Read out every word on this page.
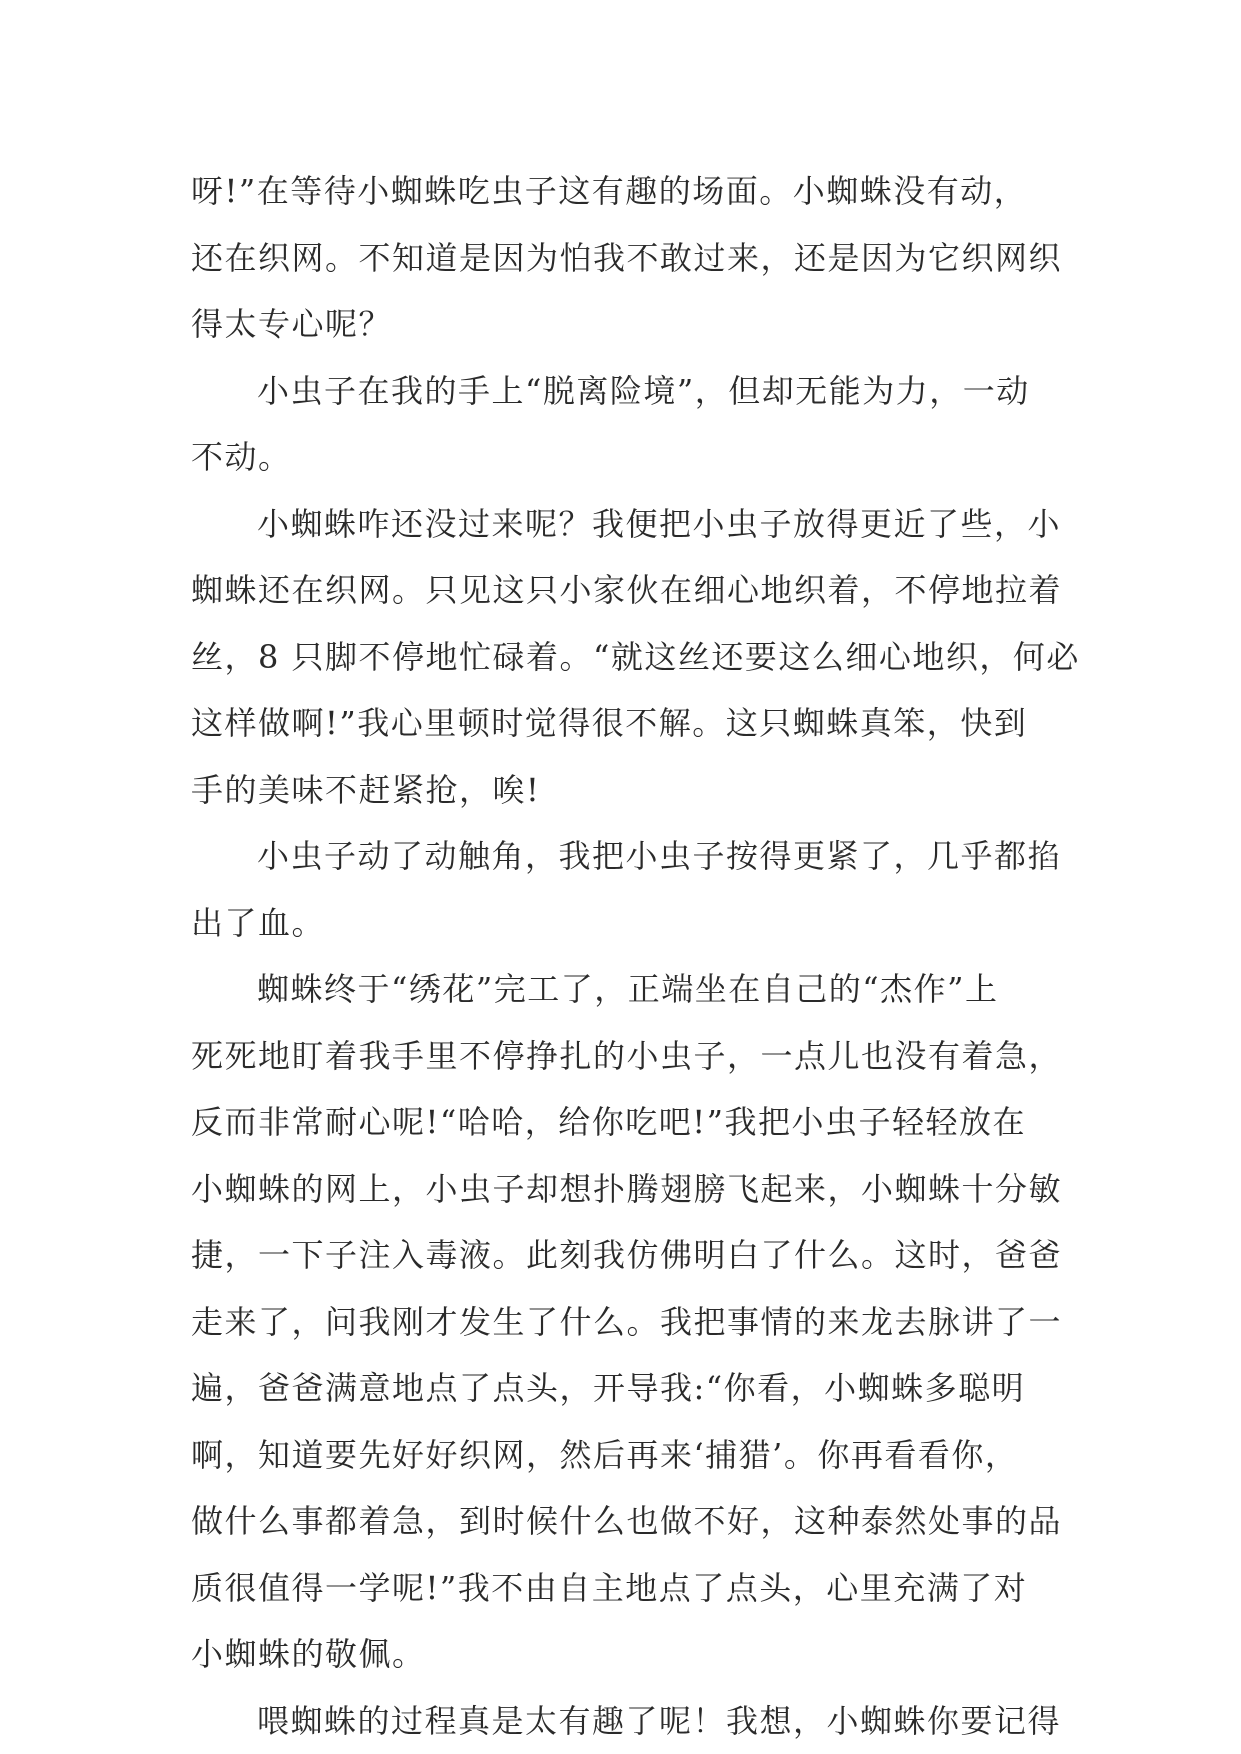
呀!”在等待小蜘蛛吃虫子这有趣的场面。小蜘蛛没有动，
还在织网。不知道是因为怕我不敢过来，还是因为它织网织
得太专心呢？
小虫子在我的手上“脱离险境”，但却无能为力，一动
不动。
小蜘蛛咋还没过来呢？我便把小虫子放得更近了些，小
蜘蛛还在织网。只见这只小家伙在细心地织着，不停地拉着
丝，8 只脚不停地忙碌着。“就这丝还要这么细心地织，何必
这样做啊!”我心里顿时觉得很不解。这只蜘蛛真笨，快到
手的美味不赶紧抢，唉!
小虫子动了动触角，我把小虫子按得更紧了，几乎都掐
出了血。
蜘蛛终于“绣花”完工了，正端坐在自己的“杰作”上
死死地盯着我手里不停挣扎的小虫子，一点儿也没有着急，
反而非常耐心呢!“哈哈，给你吃吧!”我把小虫子轻轻放在
小蜘蛛的网上，小虫子却想扑腾翅膀飞起来，小蜘蛛十分敏
捷，一下子注入毒液。此刻我仿佛明白了什么。这时，爸爸
走来了，问我刚才发生了什么。我把事情的来龙去脉讲了一
遍，爸爸满意地点了点头，开导我:“你看，小蜘蛛多聪明
啊，知道要先好好织网，然后再来‘捕猎’。你再看看你，
做什么事都着急，到时候什么也做不好，这种泰然处事的品
质很值得一学呢!”我不由自主地点了点头，心里充满了对
小蜘蛛的敬佩。
喂蜘蛛的过程真是太有趣了呢！我想，小蜘蛛你要记得
